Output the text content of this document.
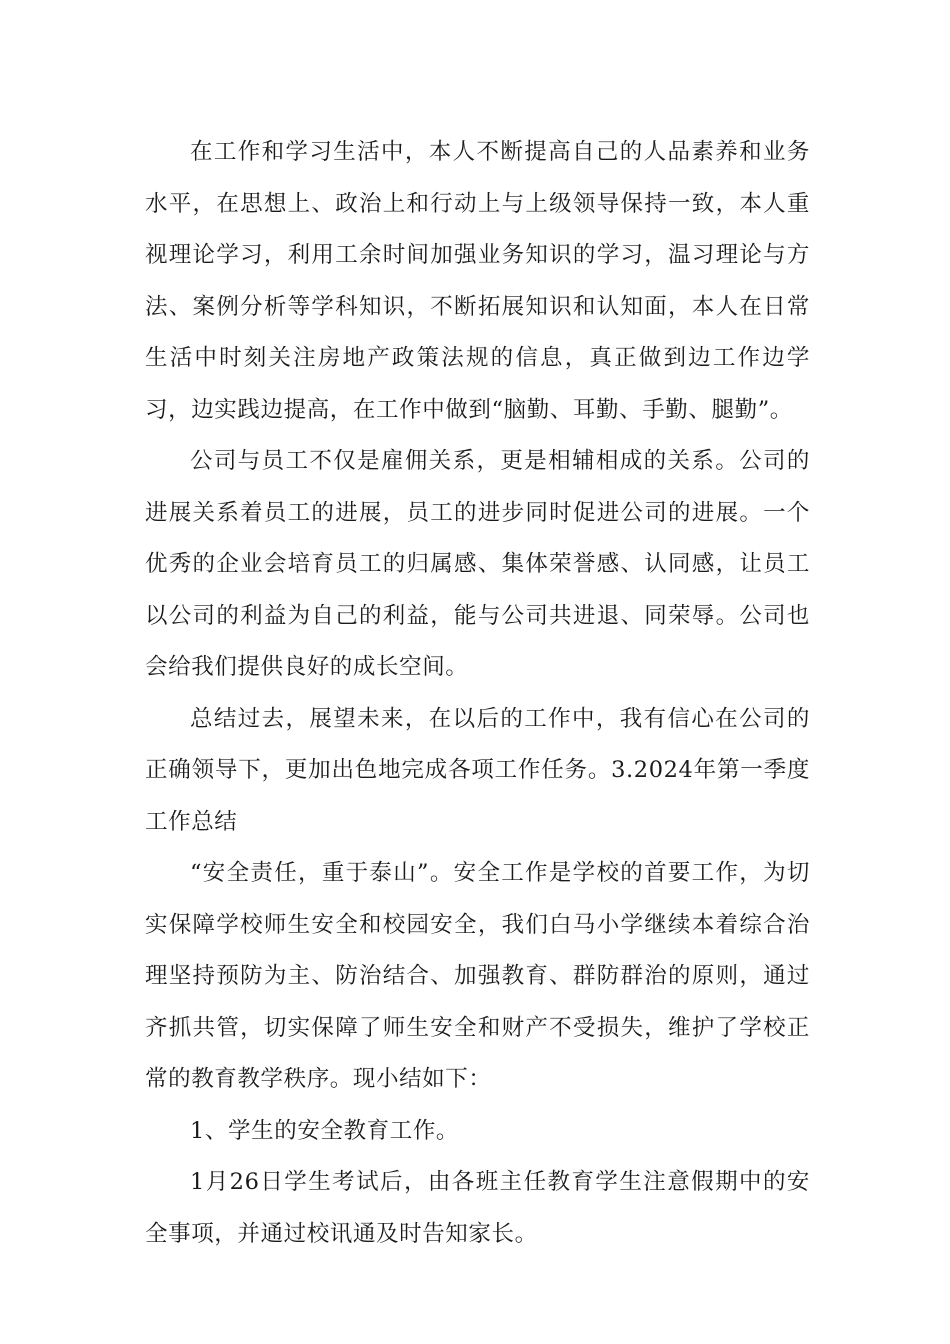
在工作和学习生活中，本人不断提高自己的人品素养和业务水平，在思想上、政治上和行动上与上级领导保持一致，本人重视理论学习，利用工余时间加强业务知识的学习，温习理论与方法、案例分析等学科知识，不断拓展知识和认知面，本人在日常生活中时刻关注房地产政策法规的信息，真正做到边工作边学习，边实践边提高，在工作中做到“脑勤、耳勤、手勤、腿勤”。

公司与员工不仅是雇佣关系，更是相辅相成的关系。公司的进展关系着员工的进展，员工的进步同时促进公司的进展。一个优秀的企业会培育员工的归属感、集体荣誉感、认同感，让员工以公司的利益为自己的利益，能与公司共进退、同荣辱。公司也会给我们提供良好的成长空间。

总结过去，展望未来，在以后的工作中，我有信心在公司的正确领导下，更加出色地完成各项工作任务。3.2024年第一季度工作总结

“安全责任，重于泰山”。安全工作是学校的首要工作，为切实保障学校师生安全和校园安全，我们白马小学继续本着综合治理坚持预防为主、防治结合、加强教育、群防群治的原则，通过齐抓共管，切实保障了师生安全和财产不受损失，维护了学校正常的教育教学秩序。现小结如下：

1、学生的安全教育工作。

1月26日学生考试后，由各班主任教育学生注意假期中的安全事项，并通过校讯通及时告知家长。
